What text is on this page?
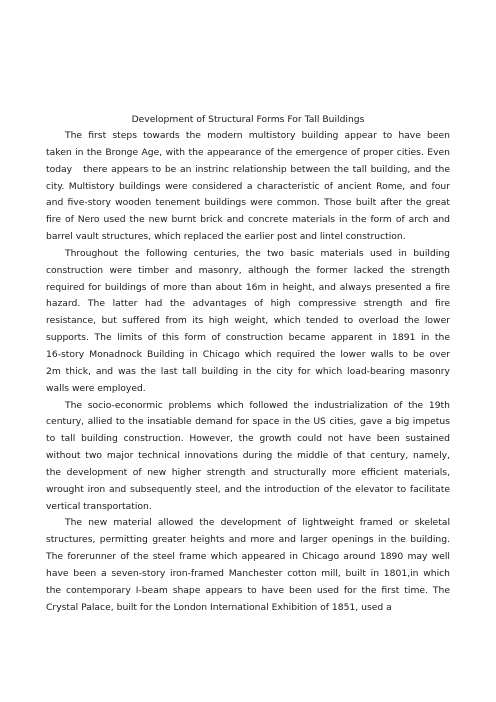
Development of Structural Forms For Tall Buildings
The first steps towards the modern multistory building appear to have been
taken in the Bronge Age, with the appearance of the emergence of proper cities. Even
today   there appears to be an instrinc relationship between the tall building, and the
city. Multistory buildings were considered a characteristic of ancient Rome, and four
and five-story wooden tenement buildings were common. Those built after the great
fire of Nero used the new burnt brick and concrete materials in the form of arch and
barrel vault structures, which replaced the earlier post and lintel construction.
Throughout the following centuries, the two basic materials used in building
construction were timber and masonry, although the former lacked the strength
required for buildings of more than about 16m in height, and always presented a fire
hazard. The latter had the advantages of high compressive strength and fire
resistance, but suffered from its high weight, which tended to overload the lower
supports. The limits of this form of construction became apparent in 1891 in the
16-story Monadnock Building in Chicago which required the lower walls to be over
2m thick, and was the last tall building in the city for which load-bearing masonry
walls were employed.
The socio-econormic problems which followed the industrialization of the 19th
century, allied to the insatiable demand for space in the US cities, gave a big impetus
to tall building construction. However, the growth could not have been sustained
without two major technical innovations during the middle of that century, namely,
the development of new higher strength and structurally more efficient materials,
wrought iron and subsequently steel, and the introduction of the elevator to facilitate
vertical transportation.
The new material allowed the development of lightweight framed or skeletal
structures, permitting greater heights and more and larger openings in the building.
The forerunner of the steel frame which appeared in Chicago around 1890 may well
have been a seven-story iron-framed Manchester cotton mill, built in 1801,in which
the contemporary I-beam shape appears to have been used for the first time. The
Crystal Palace, built for the London International Exhibition of 1851, used a
